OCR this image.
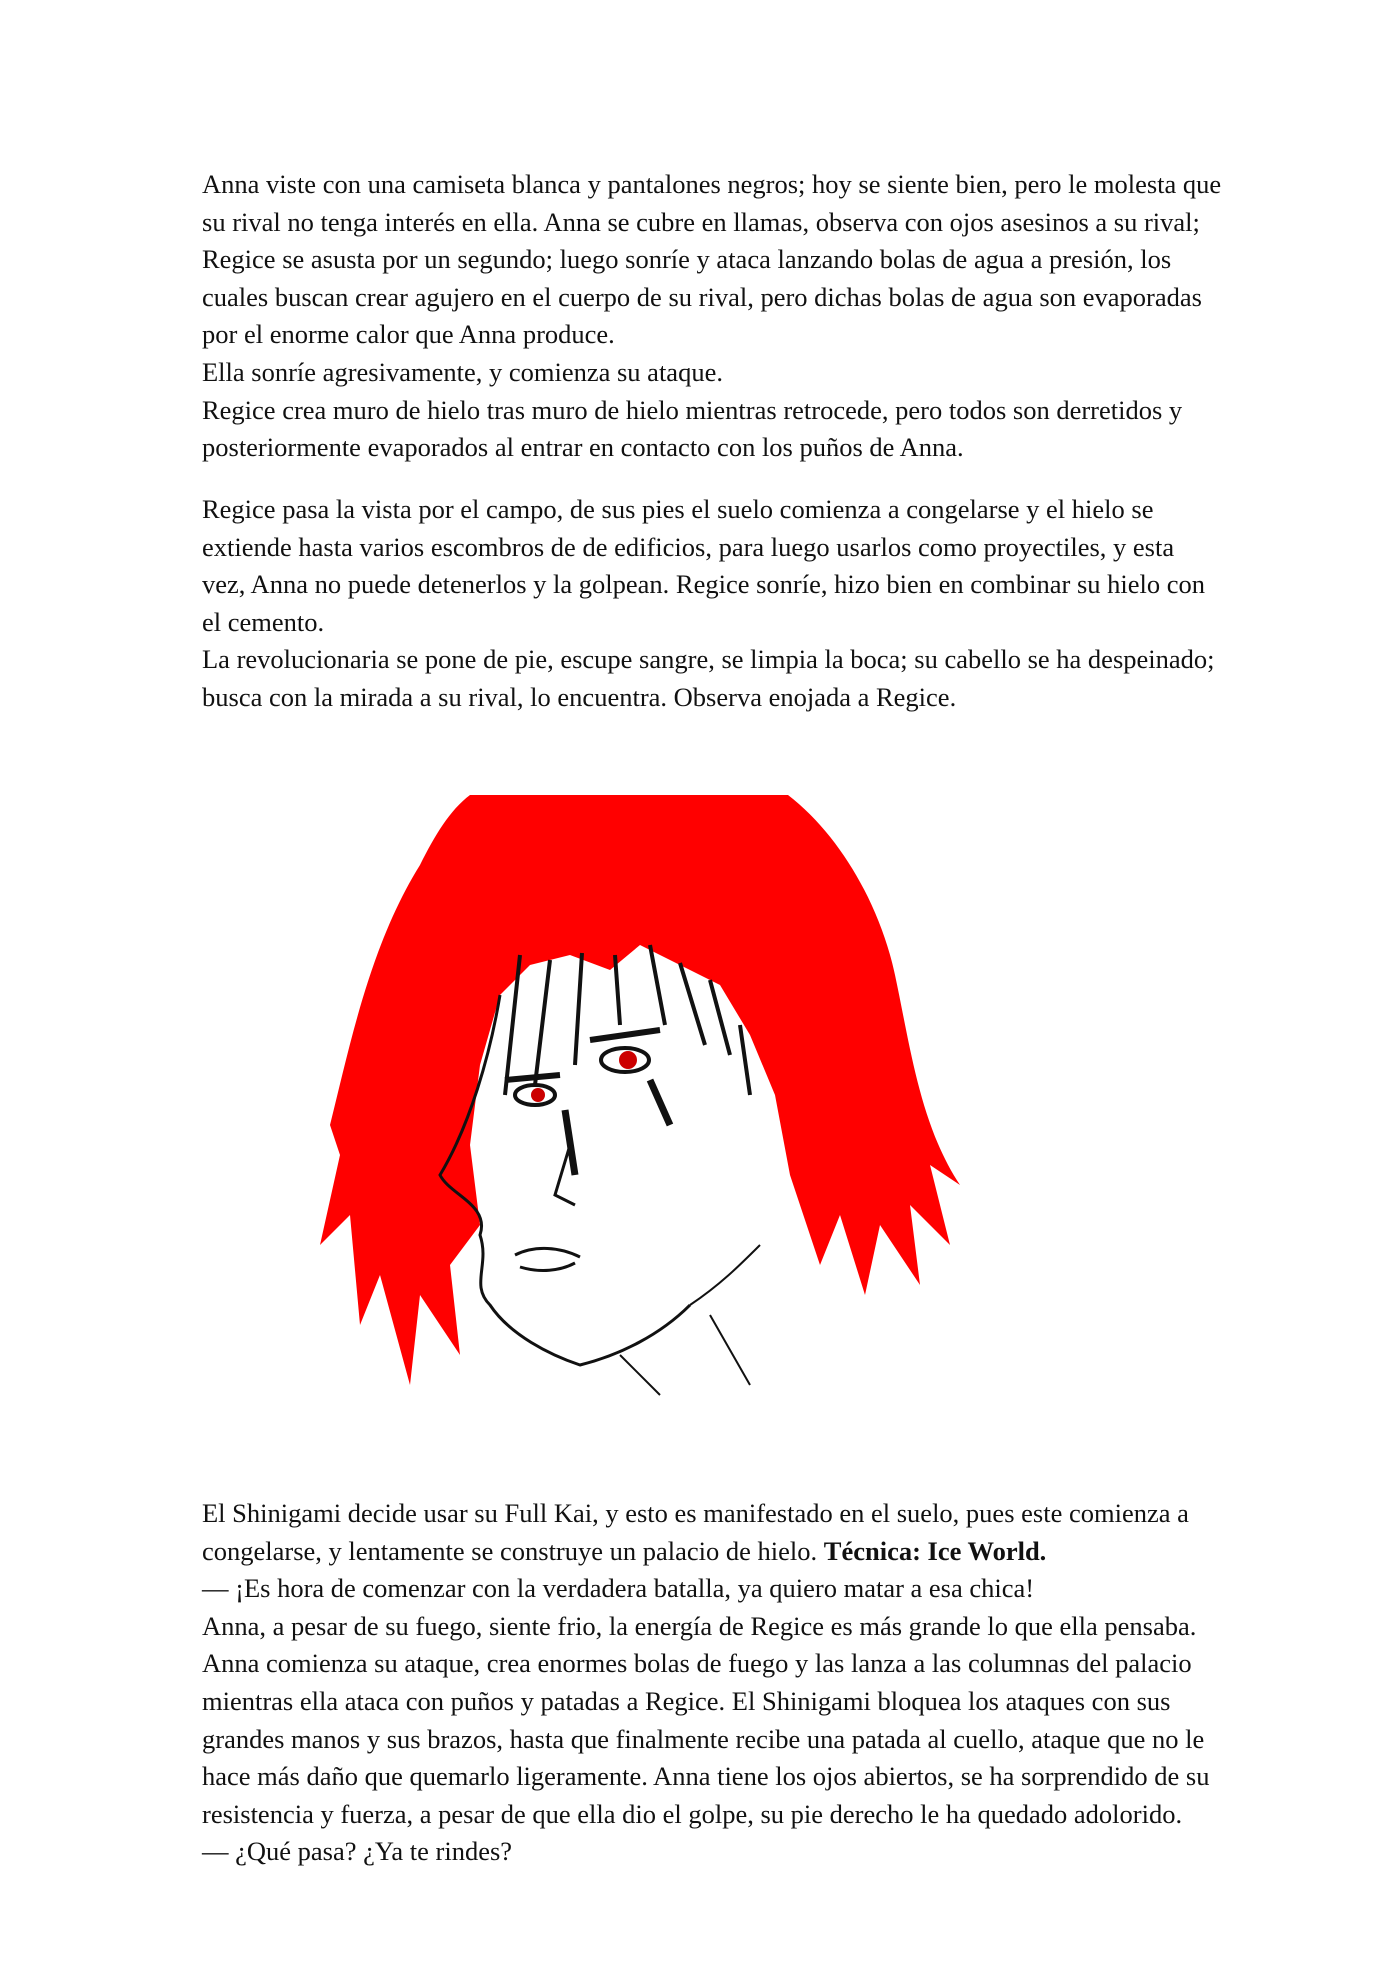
Anna viste con una camiseta blanca y pantalones negros; hoy se siente bien, pero le molesta que su rival no tenga interés en ella. Anna se cubre en llamas, observa con ojos asesinos a su rival; Regice se asusta por un segundo; luego sonríe y ataca lanzando bolas de agua a presión, los cuales buscan crear agujero en el cuerpo de su rival, pero dichas bolas de agua son evaporadas por el enorme calor que Anna produce.

Ella sonríe agresivamente, y comienza su ataque.

Regice crea muro de hielo tras muro de hielo mientras retrocede, pero todos son derretidos y posteriormente evaporados al entrar en contacto con los puños de Anna.

Regice pasa la vista por el campo, de sus pies el suelo comienza a congelarse y el hielo se extiende hasta varios escombros de de edificios, para luego usarlos como proyectiles, y esta vez, Anna no puede detenerlos y la golpean. Regice sonríe, hizo bien en combinar su hielo con el cemento.

La revolucionaria se pone de pie, escupe sangre, se limpia la boca; su cabello se ha despeinado; busca con la mirada a su rival, lo encuentra. Observa enojada a Regice.

El Shinigami decide usar su Full Kai, y esto es manifestado en el suelo, pues este comienza a congelarse, y lentamente se construye un palacio de hielo. Técnica: Ice World.

— ¡Es hora de comenzar con la verdadera batalla, ya quiero matar a esa chica!

Anna, a pesar de su fuego, siente frio, la energía de Regice es más grande lo que ella pensaba. Anna comienza su ataque, crea enormes bolas de fuego y las lanza a las columnas del palacio mientras ella ataca con puños y patadas a Regice. El Shinigami bloquea los ataques con sus grandes manos y sus brazos, hasta que finalmente recibe una patada al cuello, ataque que no le hace más daño que quemarlo ligeramente. Anna tiene los ojos abiertos, se ha sorprendido de su resistencia y fuerza, a pesar de que ella dio el golpe, su pie derecho le ha quedado adolorido.

— ¿Qué pasa? ¿Ya te rindes?
